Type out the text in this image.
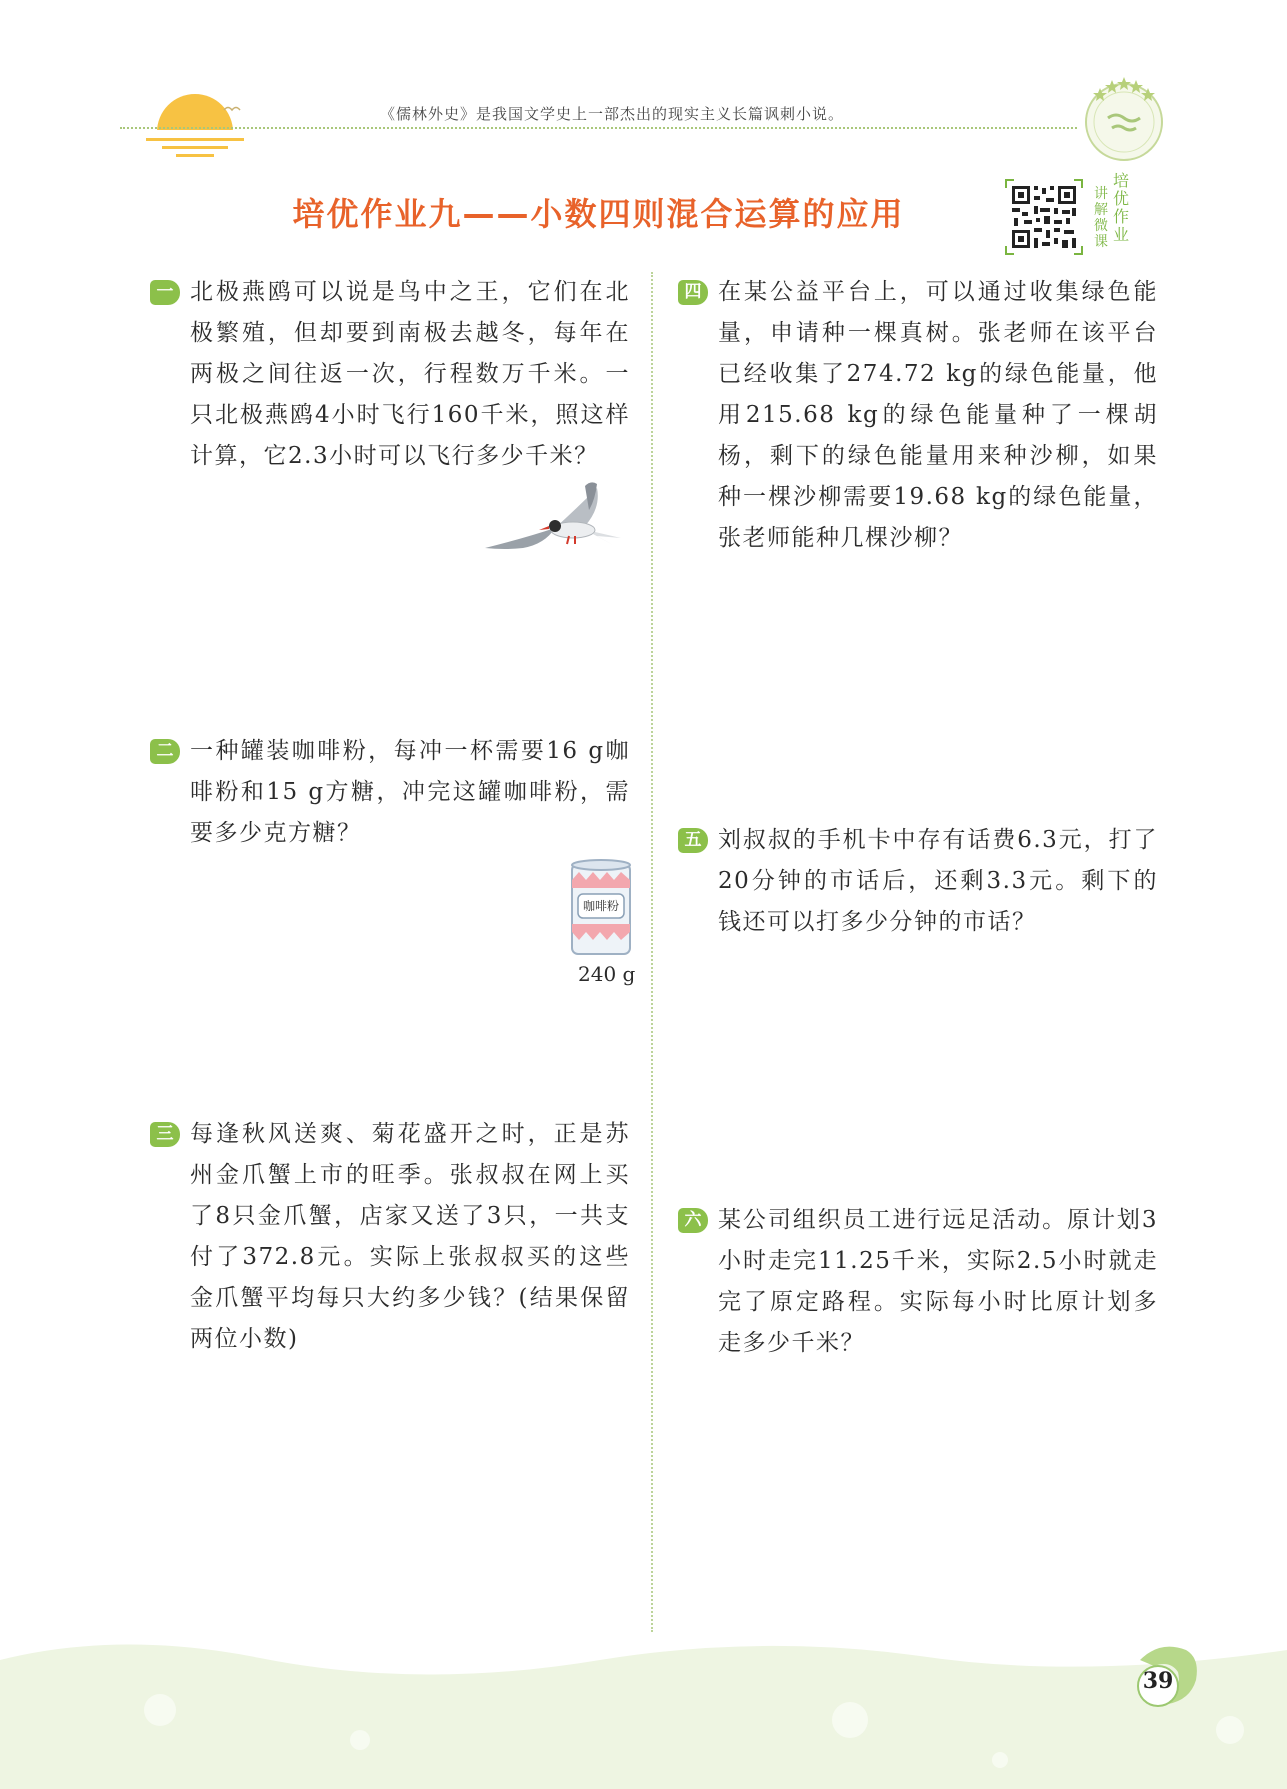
《儒林外史》是我国文学史上一部杰出的现实主义长篇讽刺小说。
培优作业九——小数四则混合运算的应用
讲解微课
培优作业
一 北极燕鸥可以说是鸟中之王，它们在北极繁殖，但却要到南极去越冬，每年在两极之间往返一次，行程数万千米。一只北极燕鸥4小时飞行160千米，照这样计算，它2.3小时可以飞行多少千米？

二 一种罐装咖啡粉，每冲一杯需要16 g咖啡粉和15 g方糖，冲完这罐咖啡粉，需要多少克方糖？

咖啡粉
240 g
三 每逢秋风送爽、菊花盛开之时，正是苏州金爪蟹上市的旺季。张叔叔在网上买了8只金爪蟹，店家又送了3只，一共支付了372.8元。实际上张叔叔买的这些金爪蟹平均每只大约多少钱？(结果保留两位小数)

四 在某公益平台上，可以通过收集绿色能量，申请种一棵真树。张老师在该平台已经收集了274.72 kg的绿色能量，他用215.68 kg的绿色能量种了一棵胡杨，剩下的绿色能量用来种沙柳，如果种一棵沙柳需要19.68 kg的绿色能量，张老师能种几棵沙柳？

五 刘叔叔的手机卡中存有话费6.3元，打了20分钟的市话后，还剩3.3元。剩下的钱还可以打多少分钟的市话？

六 某公司组织员工进行远足活动。原计划3小时走完11.25千米，实际2.5小时就走完了原定路程。实际每小时比原计划多走多少千米？

39
